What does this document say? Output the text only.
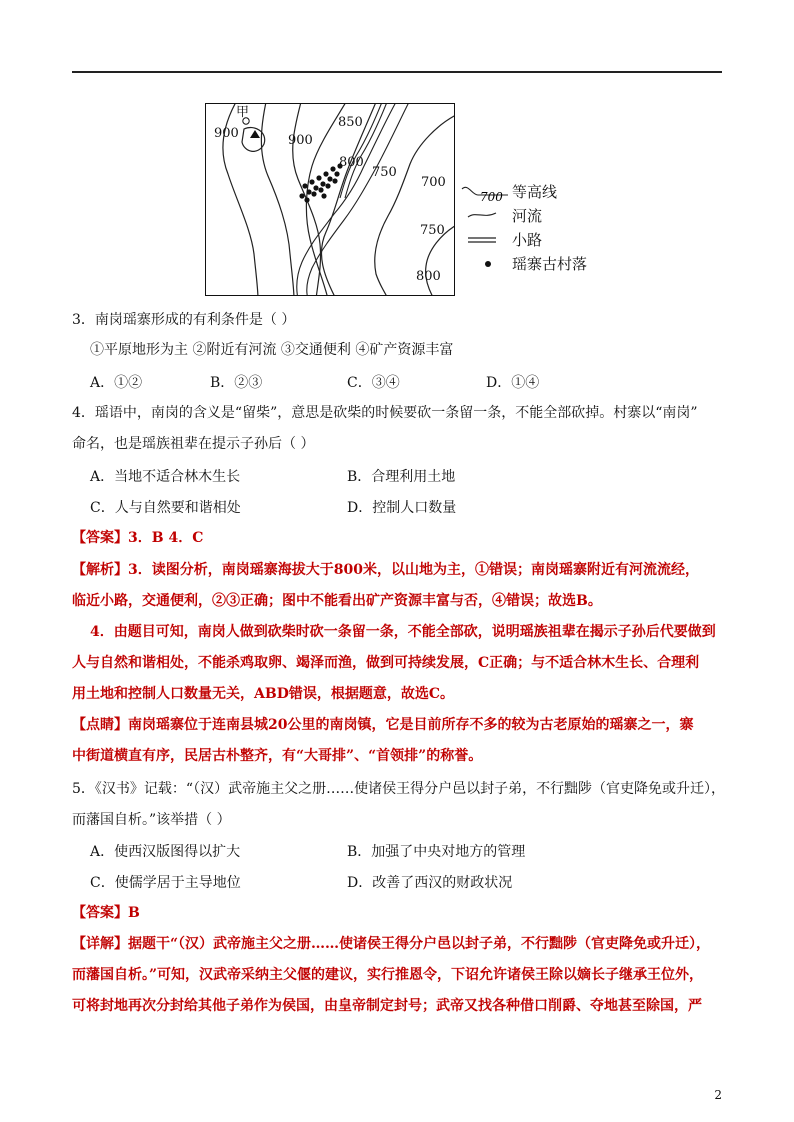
甲
900	900
850
800
750
700
750
800
700 等高线
河流
小路
瑶寨古村落
3．南岗瑶寨形成的有利条件是（ ）
①平原地形为主 ②附近有河流 ③交通便利 ④矿产资源丰富
A．①②	B．②③	C．③④	D．①④
4．瑶语中，南岗的含义是“留柴”，意思是砍柴的时候要砍一条留一条，不能全部砍掉。村寨以“南岗”
命名，也是瑶族祖辈在提示子孙后（ ）
A．当地不适合林木生长	B．合理利用土地
C．人与自然要和谐相处	D．控制人口数量
【答案】3．B 4．C
【解析】3．读图分析，南岗瑶寨海拔大于800米，以山地为主，①错误；南岗瑶寨附近有河流流经，
临近小路，交通便利，②③正确；图中不能看出矿产资源丰富与否，④错误；故选B。
4．由题目可知，南岗人做到砍柴时砍一条留一条，不能全部砍，说明瑶族祖辈在揭示子孙后代要做到
人与自然和谐相处，不能杀鸡取卵、竭泽而渔，做到可持续发展，C正确；与不适合林木生长、合理利
用土地和控制人口数量无关，ABD错误，根据题意，故选C。
【点睛】南岗瑶寨位于连南县城20公里的南岗镇，它是目前所存不多的较为古老原始的瑶寨之一，寨
中街道横直有序，民居古朴整齐，有“大哥排”、“首领排”的称誉。
5．《汉书》记载：“（汉）武帝施主父之册……使诸侯王得分户邑以封子弟，不行黜陟（官吏降免或升迁），
而藩国自析。”该举措（ ）
A．使西汉版图得以扩大	B．加强了中央对地方的管理
C．使儒学居于主导地位	D．改善了西汉的财政状况
【答案】B
【详解】据题干“（汉）武帝施主父之册……使诸侯王得分户邑以封子弟，不行黜陟（官吏降免或升迁），
而藩国自析。”可知，汉武帝采纳主父偃的建议，实行推恩令，下诏允许诸侯王除以嫡长子继承王位外，
可将封地再次分封给其他子弟作为侯国，由皇帝制定封号；武帝又找各种借口削爵、夺地甚至除国，严
2
